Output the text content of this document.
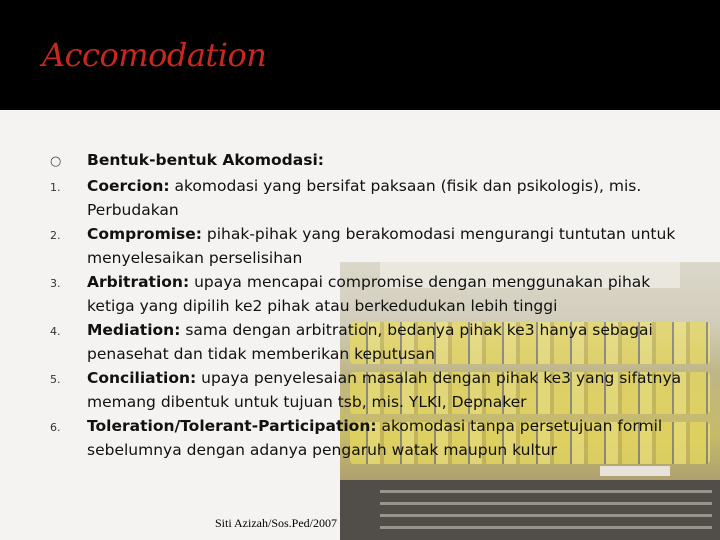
Accomodation
○	Bentuk-bentuk Akomodasi:
1.	Coercion: akomodasi yang bersifat paksaan (fisik dan psikologis), mis. Perbudakan
2.	Compromise: pihak-pihak yang berakomodasi mengurangi tuntutan untuk menyelesaikan perselisihan
3.	Arbitration: upaya mencapai compromise dengan menggunakan pihak ketiga yang dipilih ke2 pihak atau berkedudukan lebih tinggi
4.	Mediation: sama dengan arbitration, bedanya pihak ke3 hanya sebagai penasehat dan tidak memberikan keputusan
5.	Conciliation: upaya penyelesaian masalah dengan pihak ke3 yang sifatnya memang dibentuk untuk tujuan tsb, mis. YLKI, Depnaker
6.	Toleration/Tolerant-Participation: akomodasi tanpa persetujuan formil sebelumnya dengan adanya pengaruh watak maupun kultur
Siti Azizah/Sos.Ped/2007
